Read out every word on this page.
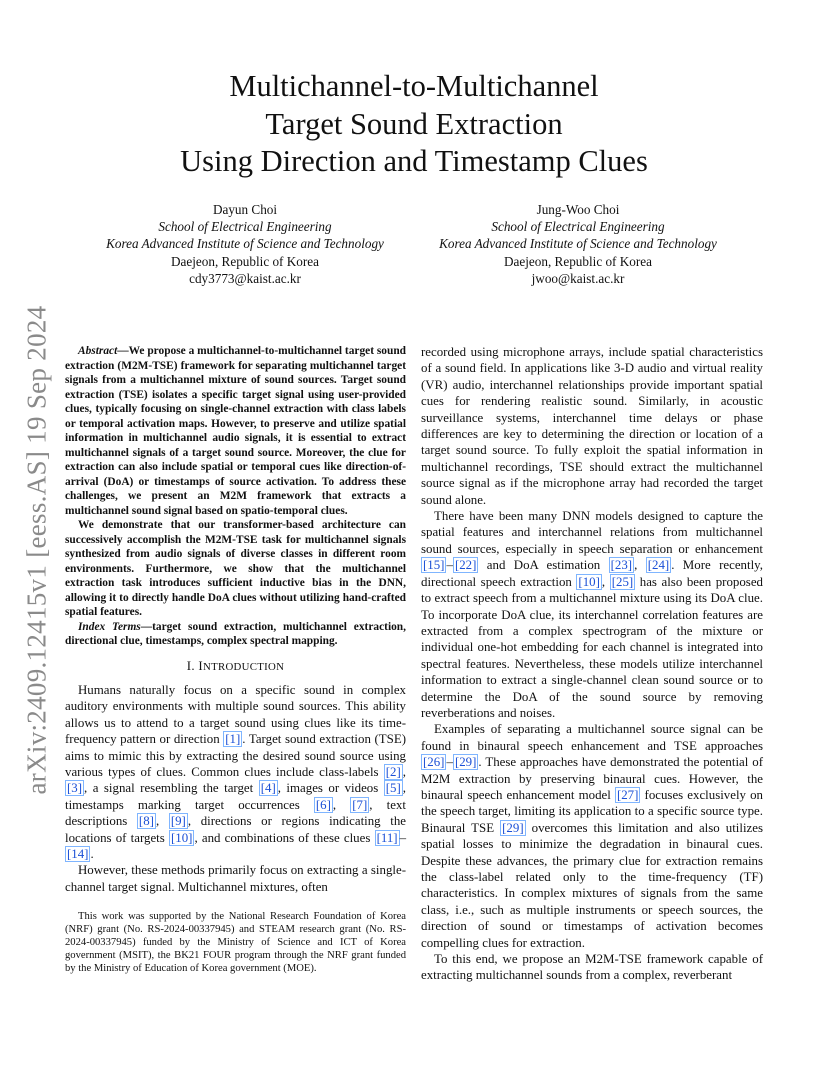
arXiv:2409.12415v1 [eess.AS] 19 Sep 2024
Multichannel-to-Multichannel
Target Sound Extraction
Using Direction and Timestamp Clues
Dayun Choi
School of Electrical Engineering
Korea Advanced Institute of Science and Technology
Daejeon, Republic of Korea
cdy3773@kaist.ac.kr
Jung-Woo Choi
School of Electrical Engineering
Korea Advanced Institute of Science and Technology
Daejeon, Republic of Korea
jwoo@kaist.ac.kr

Abstract—We propose a multichannel-to-multichannel target sound extraction (M2M-TSE) framework for separating multichannel target signals from a multichannel mixture of sound sources. Target sound extraction (TSE) isolates a specific target signal using user-provided clues, typically focusing on single-channel extraction with class labels or temporal activation maps. However, to preserve and utilize spatial information in multichannel audio signals, it is essential to extract multichannel signals of a target sound source. Moreover, the clue for extraction can also include spatial or temporal cues like direction-of-arrival (DoA) or timestamps of source activation. To address these challenges, we present an M2M framework that extracts a multichannel sound signal based on spatio-temporal clues.

We demonstrate that our transformer-based architecture can successively accomplish the M2M-TSE task for multichannel signals synthesized from audio signals of diverse classes in different room environments. Furthermore, we show that the multichannel extraction task introduces sufficient inductive bias in the DNN, allowing it to directly handle DoA clues without utilizing hand-crafted spatial features.

Index Terms—target sound extraction, multichannel extraction, directional clue, timestamps, complex spectral mapping.

I. INTRODUCTION

Humans naturally focus on a specific sound in complex auditory environments with multiple sound sources. This ability allows us to attend to a target sound using clues like its time-frequency pattern or direction [1] . Target sound extraction (TSE) aims to mimic this by extracting the desired sound source using various types of clues. Common clues include class-labels [2] , [3] , a signal resembling the target [4] , images or videos [5] , timestamps marking target occurrences [6] , [7] , text descriptions [8] , [9] , directions or regions indicating the locations of targets [10] , and combinations of these clues [11] –[14] .

However, these methods primarily focus on extracting a single-channel target signal. Multichannel mixtures, often

This work was supported by the National Research Foundation of Korea (NRF) grant (No. RS-2024-00337945) and STEAM research grant (No. RS-2024-00337945) funded by the Ministry of Science and ICT of Korea government (MSIT), the BK21 FOUR program through the NRF grant funded by the Ministry of Education of Korea government (MOE).

recorded using microphone arrays, include spatial characteristics of a sound field. In applications like 3-D audio and virtual reality (VR) audio, interchannel relationships provide important spatial cues for rendering realistic sound. Similarly, in acoustic surveillance systems, interchannel time delays or phase differences are key to determining the direction or location of a target sound source. To fully exploit the spatial information in multichannel recordings, TSE should extract the multichannel source signal as if the microphone array had recorded the target sound alone.

There have been many DNN models designed to capture the spatial features and interchannel relations from multichannel sound sources, especially in speech separation or enhancement [15] – [22] and DoA estimation [23] , [24] . More recently, directional speech extraction [10] , [25] has also been proposed to extract speech from a multichannel mixture using its DoA clue. To incorporate DoA clue, its interchannel correlation features are extracted from a complex spectrogram of the mixture or individual one-hot embedding for each channel is integrated into spectral features. Nevertheless, these models utilize interchannel information to extract a single-channel clean sound source or to determine the DoA of the sound source by removing reverberations and noises.

Examples of separating a multichannel source signal can be found in binaural speech enhancement and TSE approaches [26] – [29] . These approaches have demonstrated the potential of M2M extraction by preserving binaural cues. However, the binaural speech enhancement model [27] focuses exclusively on the speech target, limiting its application to a specific source type. Binaural TSE [29] overcomes this limitation and also utilizes spatial losses to minimize the degradation in binaural cues. Despite these advances, the primary clue for extraction remains the class-label related only to the time-frequency (TF) characteristics. In complex mixtures of signals from the same class, i.e., such as multiple instruments or speech sources, the direction of sound or timestamps of activation becomes compelling clues for extraction.

To this end, we propose an M2M-TSE framework capable of extracting multichannel sounds from a complex, reverberant
